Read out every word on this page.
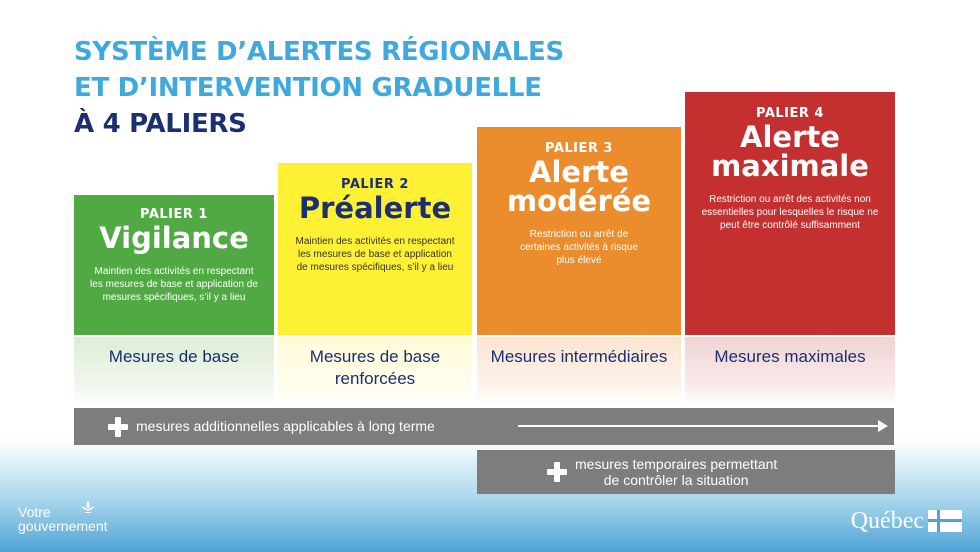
SYSTÈME D’ALERTES RÉGIONALES
ET D’INTERVENTION GRADUELLE
À 4 PALIERS
PALIER 1
Vigilance
Maintien des activités en respectant les mesures de base et application de mesures spécifiques, s’il y a lieu
PALIER 2
Préalerte
Maintien des activités en respectant les mesures de base et application de mesures spécifiques, s’il y a lieu
PALIER 3
Alerte modérée
Restriction ou arrêt de certaines activités à risque plus élevé
PALIER 4
Alerte maximale
Restriction ou arrêt des activités non essentielles pour lesquelles le risque ne peut être contrôlé suffisamment
Mesures de base	Mesures de base renforcées
Mesures intermédiaires	Mesures maximales
mesures additionnelles applicables à long terme
mesures temporaires permettant
de contrôler la situation
Votre
gouvernement	Québec
